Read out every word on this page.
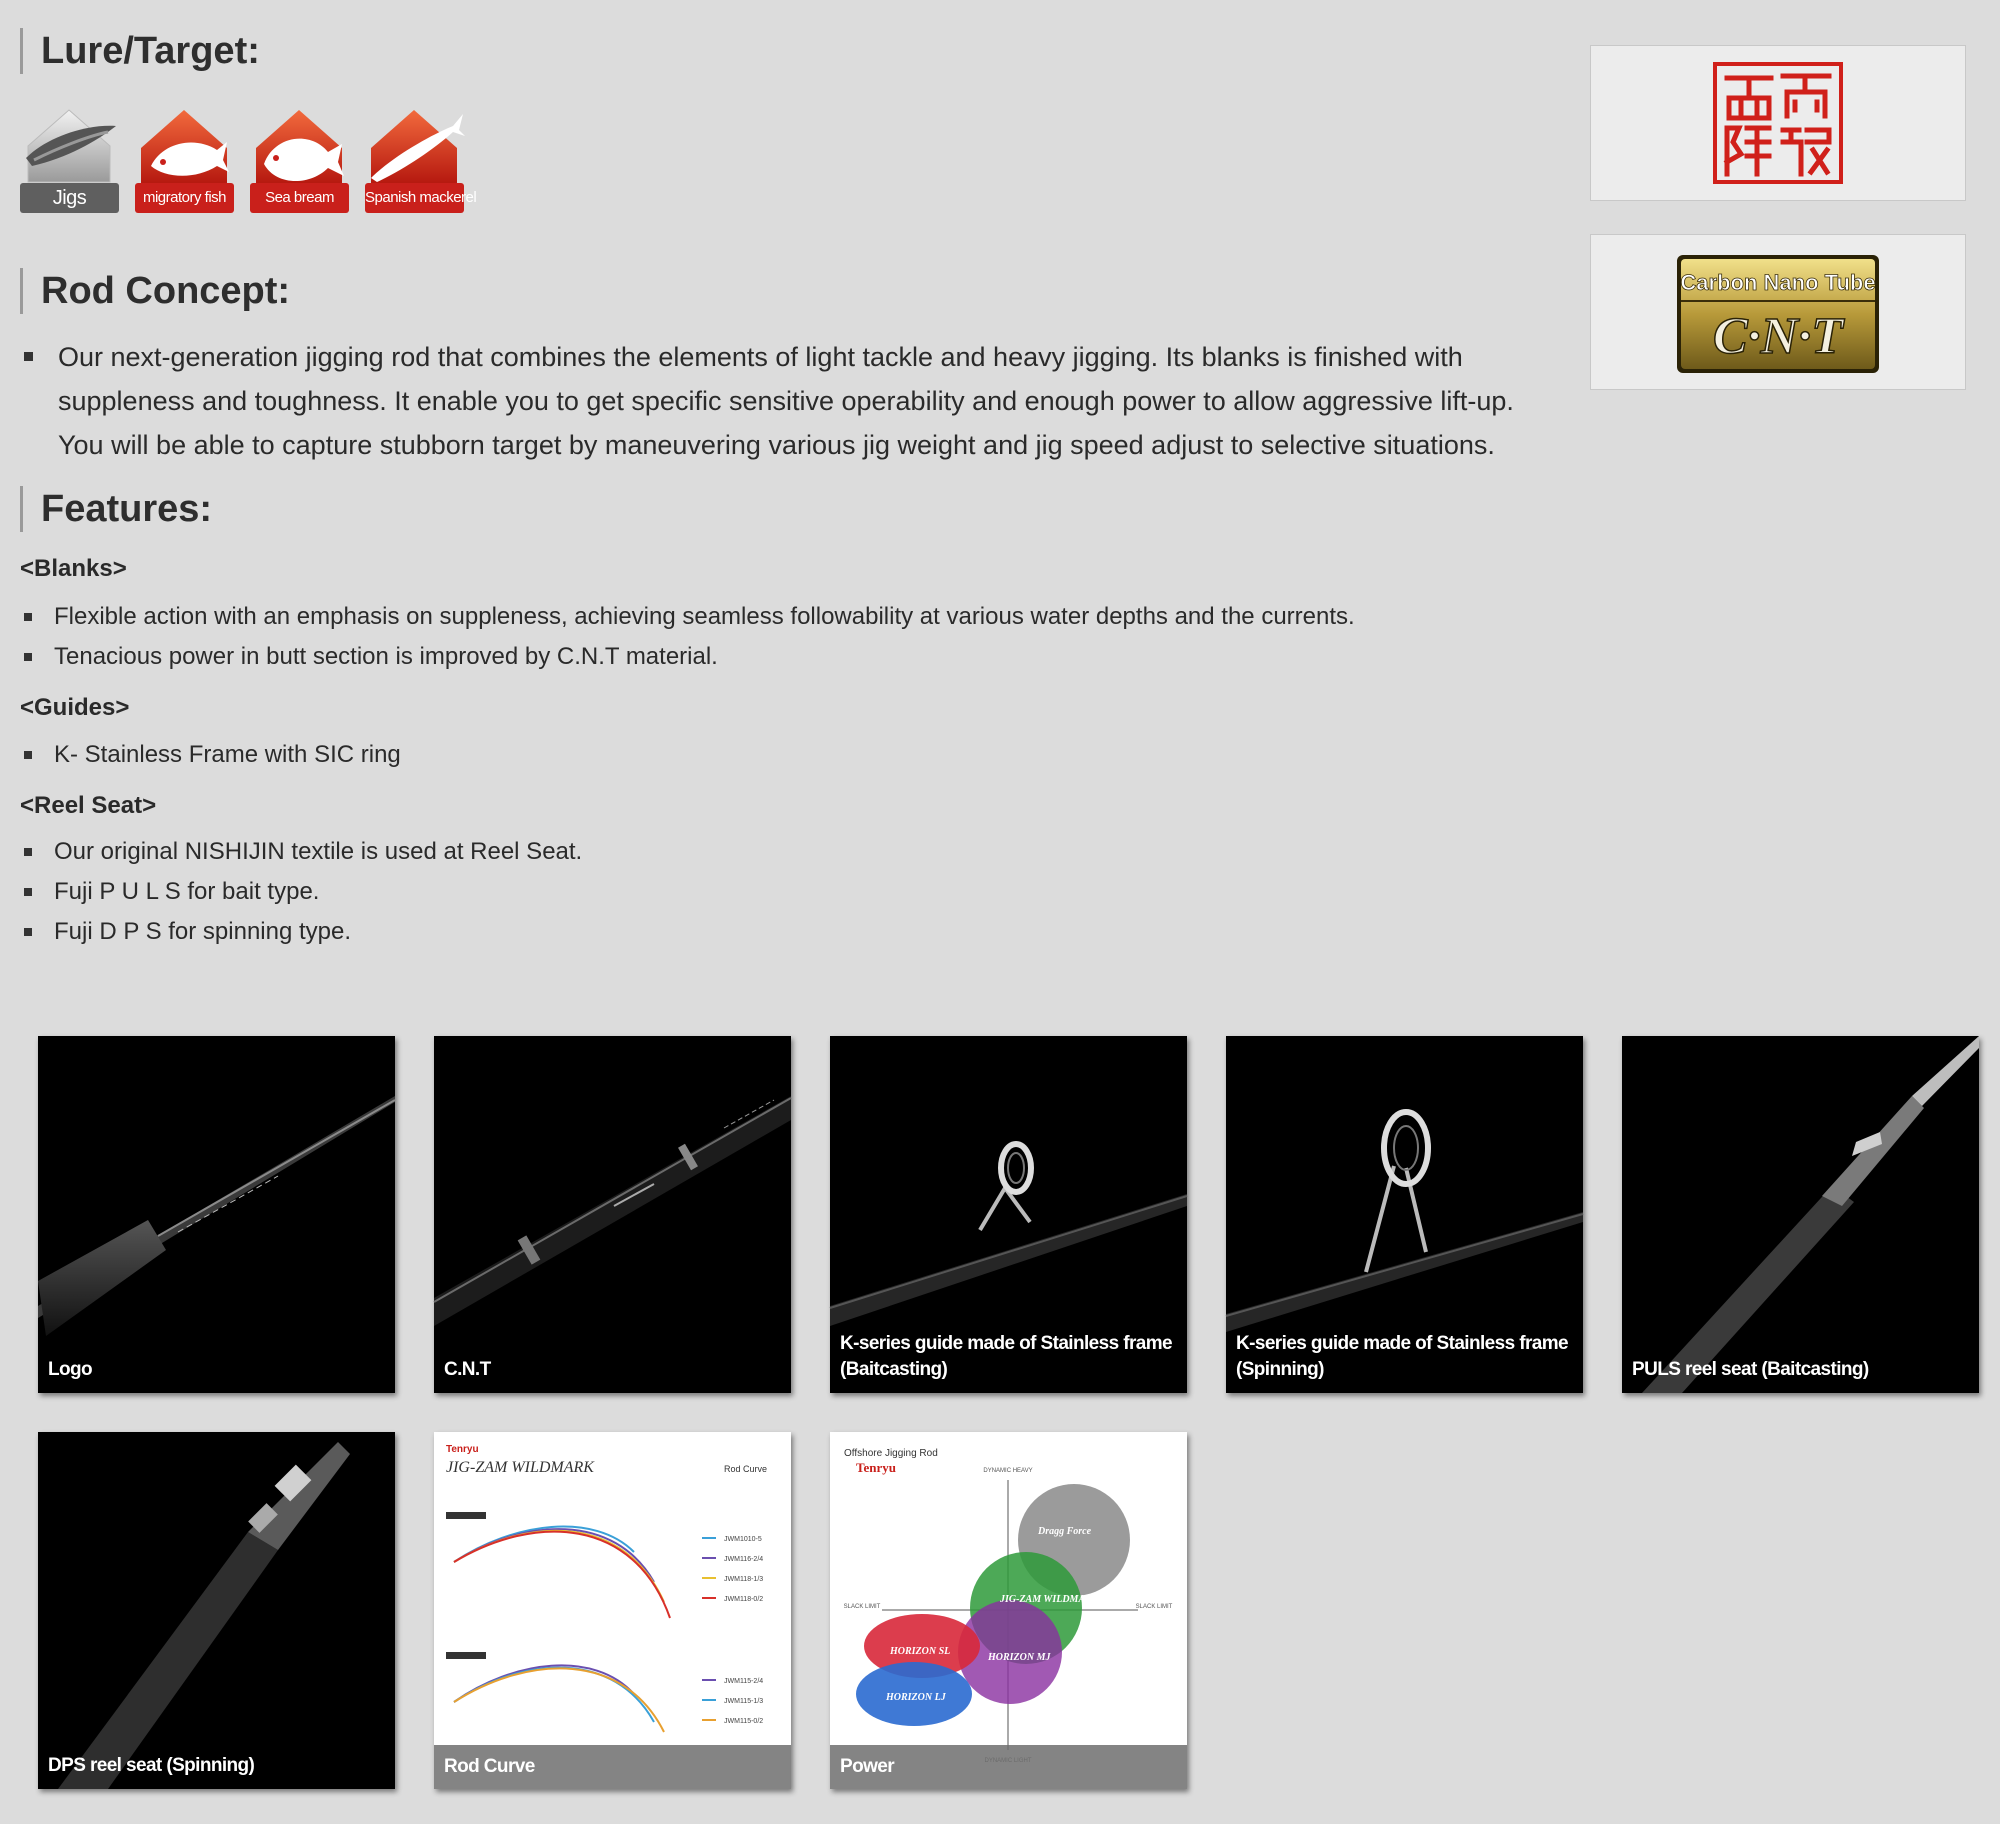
Lure/Target:
Jigs	migratory fish	Sea bream	Spanish mackerel
Rod Concept:
Our next-generation jigging rod that combines the elements of light tackle and heavy jigging. Its blanks is finished with
suppleness and toughness. It enable you to get specific sensitive operability and enough power to allow aggressive lift-up.
You will be able to capture stubborn target by maneuvering various jig weight and jig speed adjust to selective situations.
Features:
<Blanks>
Flexible action with an emphasis on suppleness, achieving seamless followability at various water depths and the currents.
Tenacious power in butt section is improved by C.N.T material.
<Guides>
K- Stainless Frame with SIC ring
<Reel Seat>
Our original NISHIJIN textile is used at Reel Seat.
Fuji P U L S for bait type.
Fuji D P S for spinning type.
Carbon Nano Tube
C·N·T
Logo	C.N.T
K-series guide made of Stainless frame (Baitcasting)
K-series guide made of Stainless frame (Spinning)	PULS reel seat (Baitcasting)
DPS reel seat (Spinning)
Tenryu
JIG-ZAM WILDMARK	Rod Curve
JWM1010-5
JWM116-2/4
JWM118-1/3
JWM118-0/2
JWM115-2/4
JWM115-1/3
JWM115-0/2
Rod Curve
Offshore Jigging Rod
Tenryu	DYNAMIC HEAVY
SLACK LIMIT	SLACK LIMIT
Dragg Force
JIG-ZAM WILDMARK
HORIZON MJ
HORIZON SL
HORIZON LJ
Power
